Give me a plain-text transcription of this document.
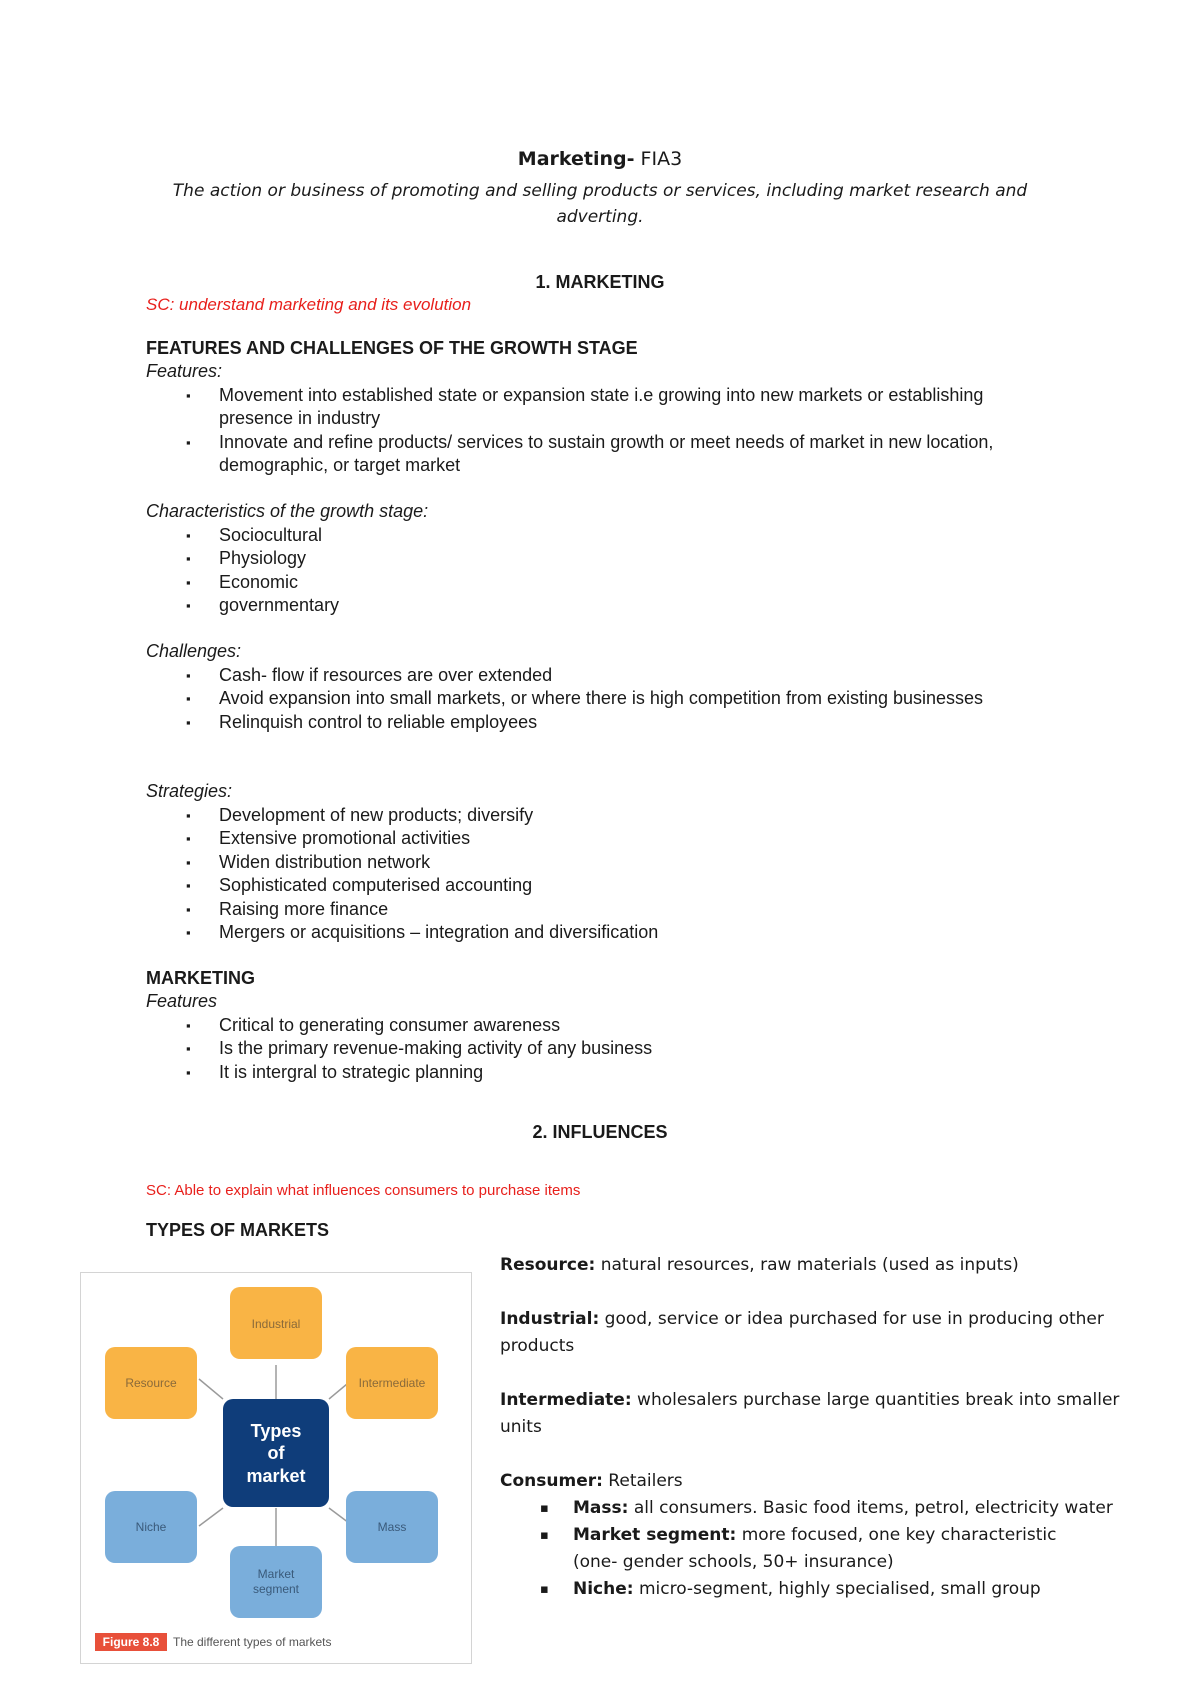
Marketing- FIA3
The action or business of promoting and selling products or services, including market research and
adverting.
1. MARKETING
SC: understand marketing and its evolution
FEATURES AND CHALLENGES OF THE GROWTH STAGE
Features:
▪ Movement into established state or expansion state i.e growing into new markets or establishing presence in industry
▪ Innovate and refine products/ services to sustain growth or meet needs of market in new location, demographic, or target market
Characteristics of the growth stage:
▪ Sociocultural
▪ Physiology
▪ Economic
▪ governmentary
Challenges:
▪ Cash- flow if resources are over extended
▪ Avoid expansion into small markets, or where there is high competition from existing businesses
▪ Relinquish control to reliable employees
Strategies:
▪ Development of new products; diversify
▪ Extensive promotional activities
▪ Widen distribution network
▪ Sophisticated computerised accounting
▪ Raising more finance
▪ Mergers or acquisitions – integration and diversification
MARKETING
Features
▪ Critical to generating consumer awareness
▪ Is the primary revenue-making activity of any business
▪ It is intergral to strategic planning
2. INFLUENCES
SC: Able to explain what influences consumers to purchase items
TYPES OF MARKETS
Industrial
Resource	Intermediate
Types
of
market
Niche	Mass
Market
segment
Figure 8.8 The different types of markets
Resource: natural resources, raw materials (used as inputs)
Industrial: good, service or idea purchased for use in producing other products
Intermediate: wholesalers purchase large quantities break into smaller units
Consumer: Retailers
▪ Mass: all consumers. Basic food items, petrol, electricity water
▪ Market segment: more focused, one key characteristic
(one- gender schools, 50+ insurance)
▪ Niche: micro-segment, highly specialised, small group
